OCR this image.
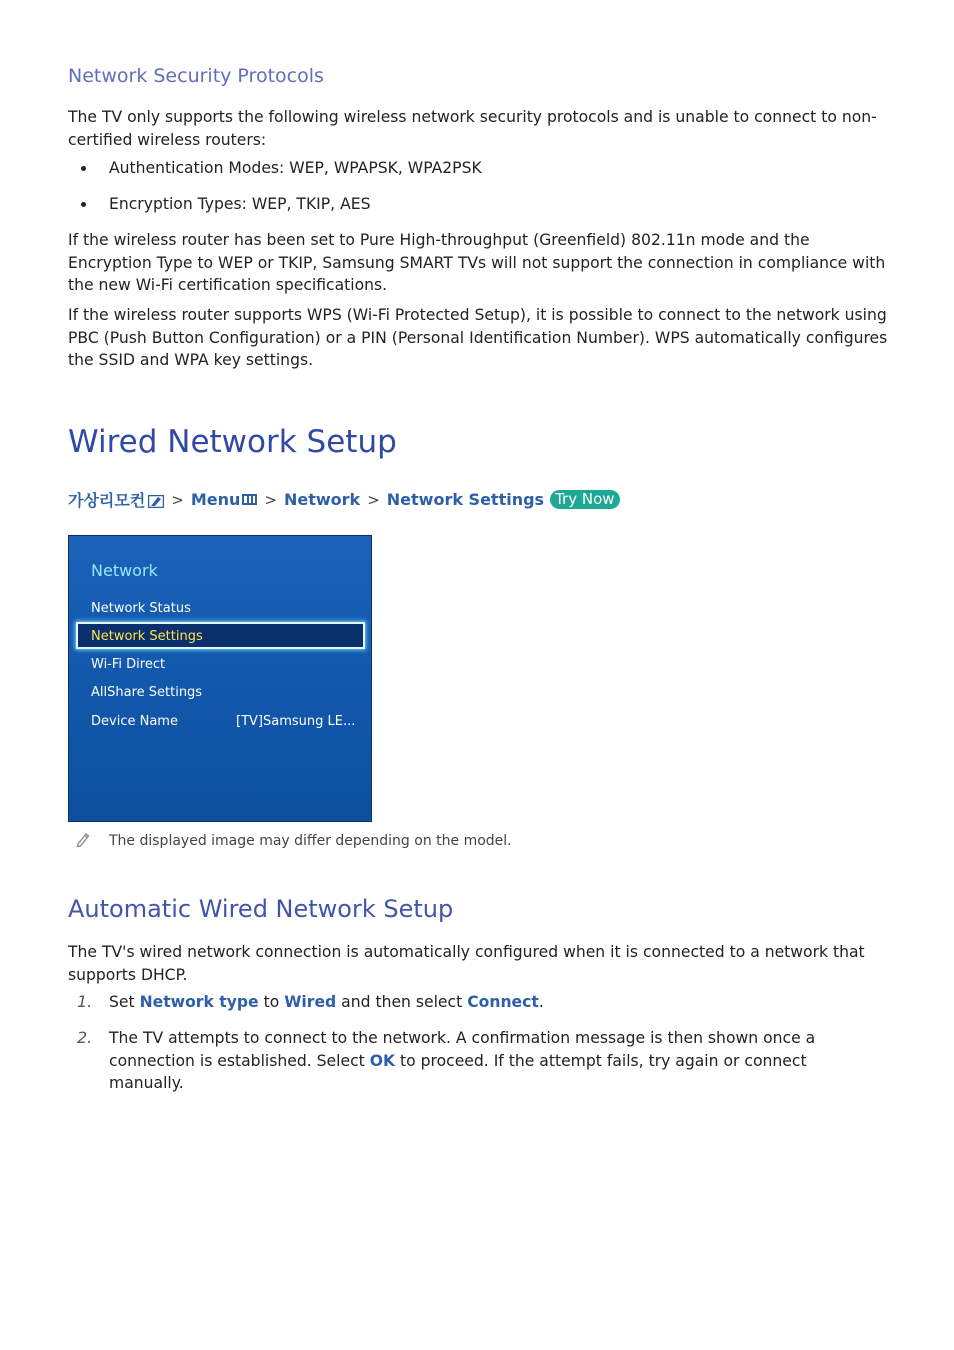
Network Security Protocols

The TV only supports the following wireless network security protocols and is unable to connect to non-certified wireless routers:

Authentication Modes: WEP, WPAPSK, WPA2PSK
Encryption Types: WEP, TKIP, AES

If the wireless router has been set to Pure High-throughput (Greenfield) 802.11n mode and the Encryption Type to WEP or TKIP, Samsung SMART TVs will not support the connection in compliance with the new Wi-Fi certification specifications.

If the wireless router supports WPS (Wi-Fi Protected Setup), it is possible to connect to the network using PBC (Push Button Configuration) or a PIN (Personal Identification Number). WPS automatically configures the SSID and WPA key settings.

Wired Network Setup
가상리모컨 > Menu > Network > Network Settings Try Now
Network
Network Status
Network Settings
Wi-Fi Direct
AllShare Settings
Device Name	[TV]Samsung LE...
The displayed image may differ depending on the model.
Automatic Wired Network Setup

The TV's wired network connection is automatically configured when it is connected to a network that supports DHCP.

1. Set Network type to Wired and then select Connect.
2. The TV attempts to connect to the network. A confirmation message is then shown once a connection is established. Select OK to proceed. If the attempt fails, try again or connect manually.
